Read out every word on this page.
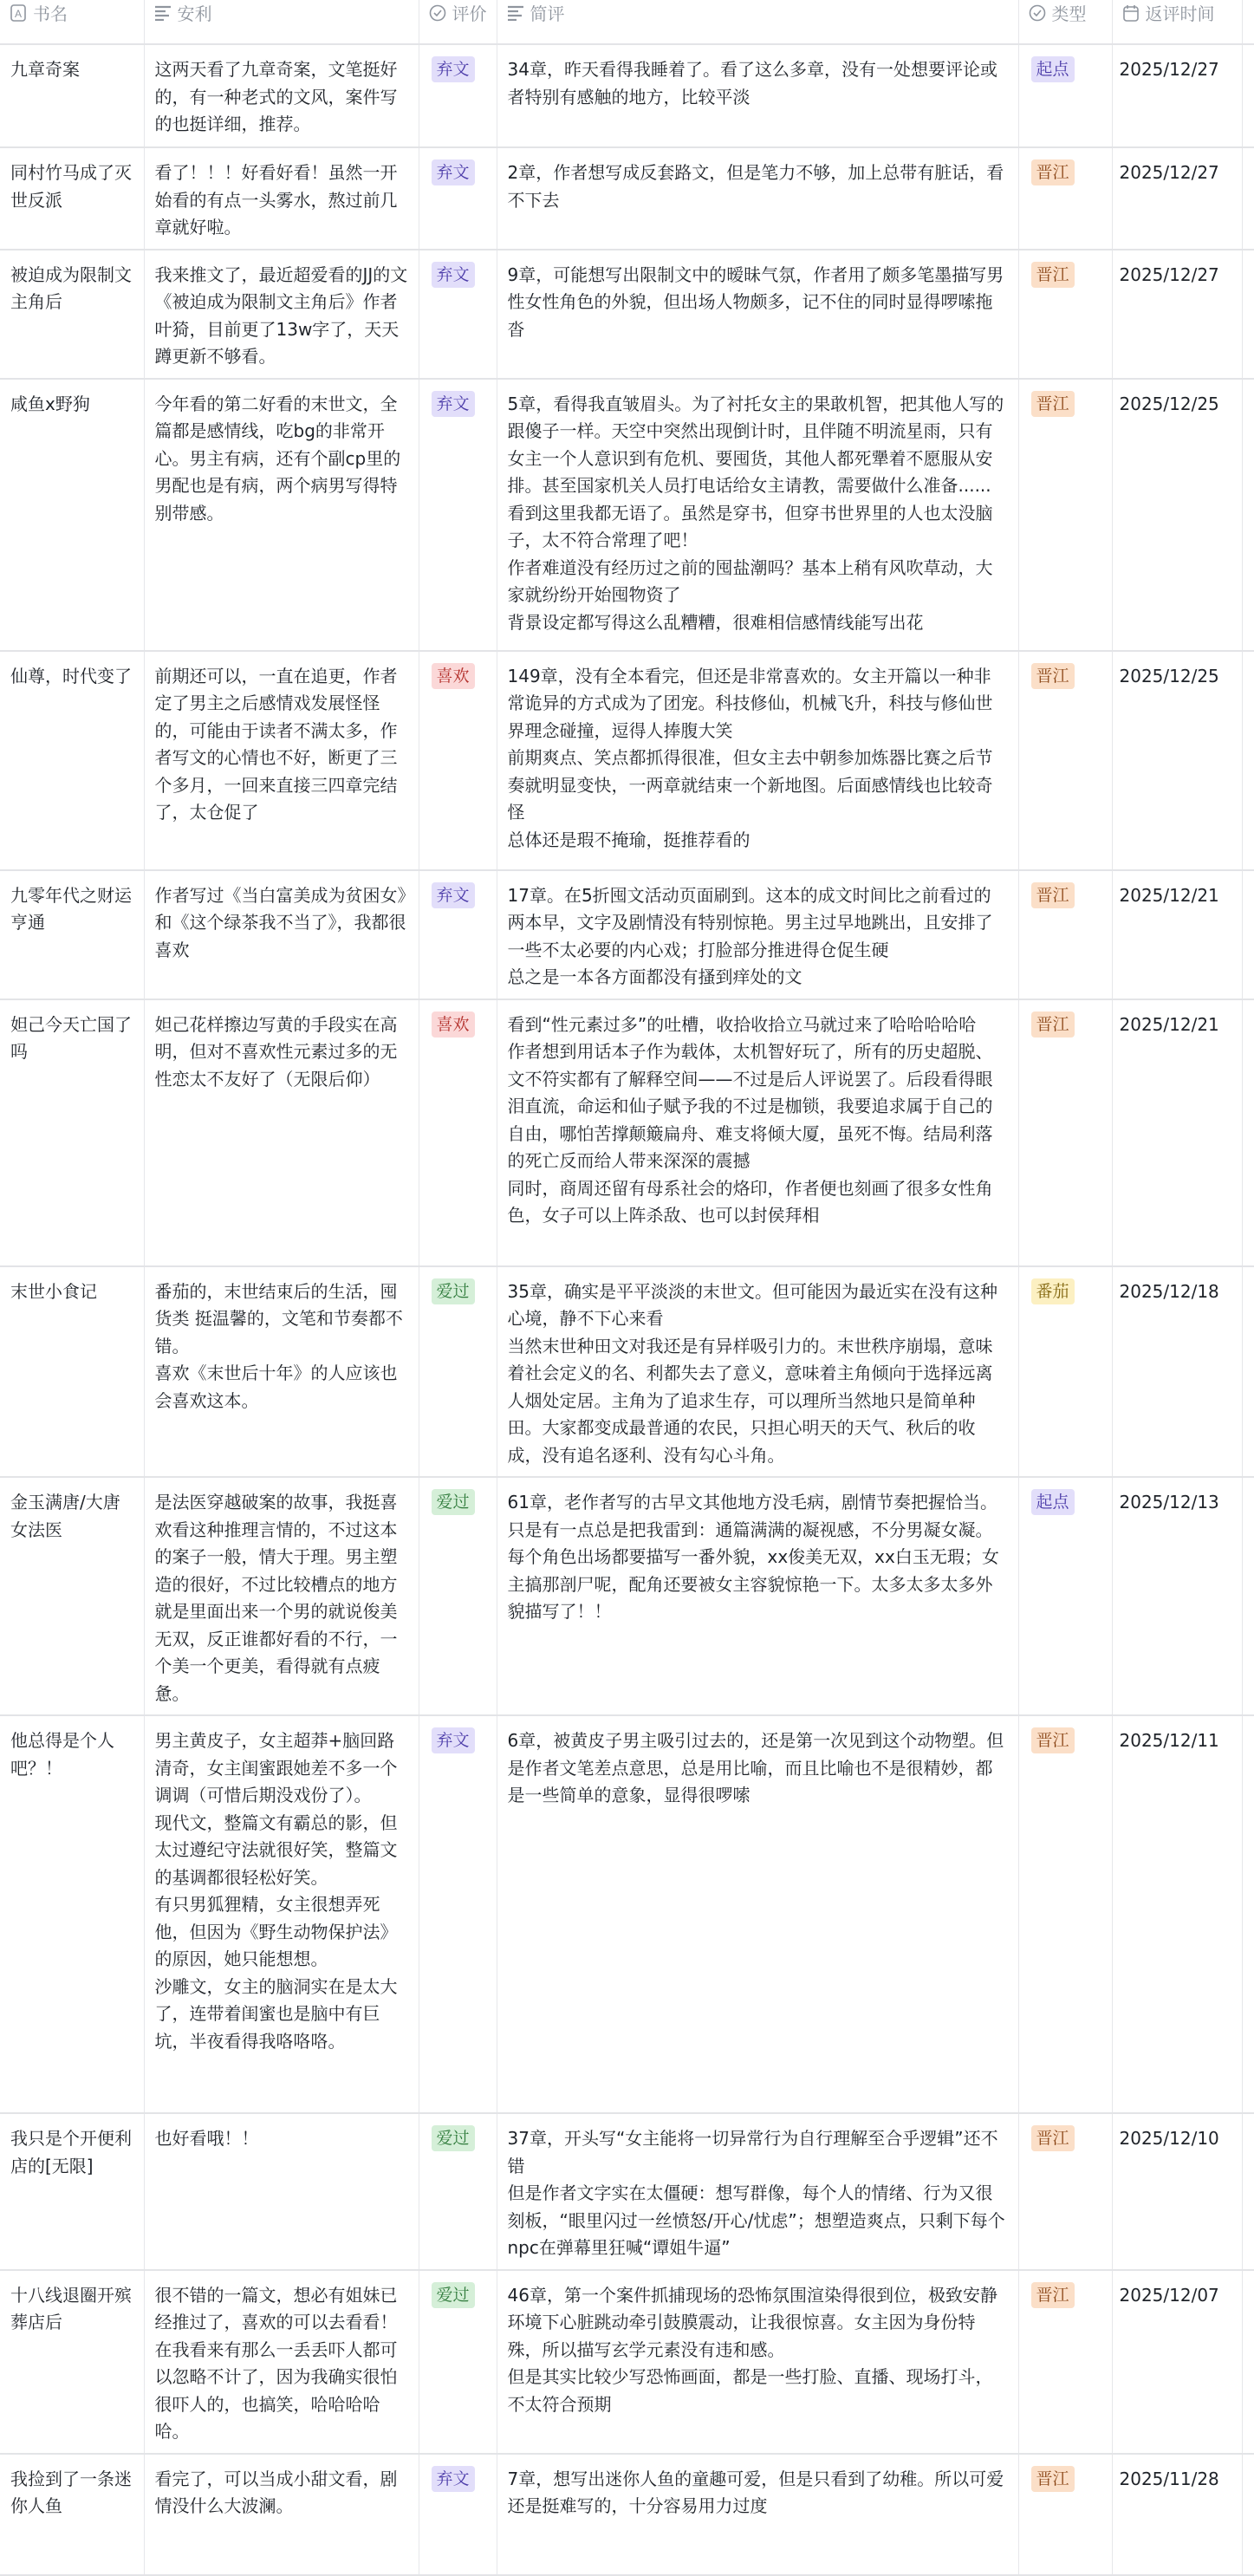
A 书名	安利	评价	简评	类型	返评时间	

九章奇案	这两天看了九章奇案，文笔挺好的，有一种老式的文风，案件写的也挺详细，推荐。	弃文	34章，昨天看得我睡着了。看了这么多章，没有一处想要评论或者特别有感触的地方，比较平淡	起点	2025/12/27	

同村竹马成了灭世反派	看了！！！好看好看！虽然一开始看的有点一头雾水，熬过前几章就好啦。	弃文	2章，作者想写成反套路文，但是笔力不够，加上总带有脏话，看不下去	晋江	2025/12/27	

被迫成为限制文主角后	我来推文了，最近超爱看的JJ的文《被迫成为限制文主角后》作者叶猗，目前更了13w字了，天天蹲更新不够看。	弃文	9章，可能想写出限制文中的暧昧气氛，作者用了颇多笔墨描写男性女性角色的外貌，但出场人物颇多，记不住的同时显得啰嗦拖沓	晋江	2025/12/27	

咸鱼x野狗	今年看的第二好看的末世文，全篇都是感情线，吃bg的非常开心。男主有病，还有个副cp里的男配也是有病，两个病男写得特别带感。	弃文	5章，看得我直皱眉头。为了衬托女主的果敢机智，把其他人写的跟傻子一样。天空中突然出现倒计时，且伴随不明流星雨，只有女主一个人意识到有危机、要囤货，其他人都死犟着不愿服从安排。甚至国家机关人员打电话给女主请教，需要做什么准备......看到这里我都无语了。虽然是穿书，但穿书世界里的人也太没脑子，太不符合常理了吧！
作者难道没有经历过之前的囤盐潮吗？基本上稍有风吹草动，大家就纷纷开始囤物资了
背景设定都写得这么乱糟糟，很难相信感情线能写出花	晋江	2025/12/25	

仙尊，时代变了	前期还可以，一直在追更，作者定了男主之后感情戏发展怪怪的，可能由于读者不满太多，作者写文的心情也不好，断更了三个多月，一回来直接三四章完结了，太仓促了	喜欢	149章，没有全本看完，但还是非常喜欢的。女主开篇以一种非常诡异的方式成为了团宠。科技修仙，机械飞升，科技与修仙世界理念碰撞，逗得人捧腹大笑
前期爽点、笑点都抓得很准，但女主去中朝参加炼器比赛之后节奏就明显变快，一两章就结束一个新地图。后面感情线也比较奇怪
总体还是瑕不掩瑜，挺推荐看的	晋江	2025/12/25	

九零年代之财运亨通	作者写过《当白富美成为贫困女》和《这个绿茶我不当了》，我都很喜欢	弃文	17章。在5折囤文活动页面刷到。这本的成文时间比之前看过的两本早，文字及剧情没有特别惊艳。男主过早地跳出，且安排了一些不太必要的内心戏；打脸部分推进得仓促生硬
总之是一本各方面都没有搔到痒处的文	晋江	2025/12/21	

妲己今天亡国了吗	妲己花样擦边写黄的手段实在高明，但对不喜欢性元素过多的无性恋太不友好了（无限后仰）	喜欢	看到“性元素过多”的吐槽，收拾收拾立马就过来了哈哈哈哈哈
作者想到用话本子作为载体，太机智好玩了，所有的历史超脱、文不符实都有了解释空间——不过是后人评说罢了。后段看得眼泪直流，命运和仙子赋予我的不过是枷锁，我要追求属于自己的自由，哪怕苦撑颠簸扁舟、难支将倾大厦，虽死不悔。结局利落的死亡反而给人带来深深的震撼
同时，商周还留有母系社会的烙印，作者便也刻画了很多女性角色，女子可以上阵杀敌、也可以封侯拜相	晋江	2025/12/21	

末世小食记	番茄的，末世结束后的生活，囤货类 挺温馨的，文笔和节奏都不错。
喜欢《末世后十年》的人应该也会喜欢这本。	爱过	35章，确实是平平淡淡的末世文。但可能因为最近实在没有这种心境，静不下心来看
当然末世种田文对我还是有异样吸引力的。末世秩序崩塌，意味着社会定义的名、利都失去了意义，意味着主角倾向于选择远离人烟处定居。主角为了追求生存，可以理所当然地只是简单种田。大家都变成最普通的农民，只担心明天的天气、秋后的收成，没有追名逐利、没有勾心斗角。	番茄	2025/12/18	

金玉满唐/大唐女法医	是法医穿越破案的故事，我挺喜欢看这种推理言情的，不过这本的案子一般，情大于理。男主塑造的很好，不过比较槽点的地方就是里面出来一个男的就说俊美无双，反正谁都好看的不行，一个美一个更美，看得就有点疲惫。	爱过	61章，老作者写的古早文其他地方没毛病，剧情节奏把握恰当。只是有一点总是把我雷到：通篇满满的凝视感，不分男凝女凝。每个角色出场都要描写一番外貌，xx俊美无双，xx白玉无瑕；女主搞那剖尸呢，配角还要被女主容貌惊艳一下。太多太多太多外貌描写了！！	起点	2025/12/13	

他总得是个人吧？！	男主黄皮子，女主超莽+脑回路清奇，女主闺蜜跟她差不多一个调调（可惜后期没戏份了）。
现代文，整篇文有霸总的影，但太过遵纪守法就很好笑，整篇文的基调都很轻松好笑。
有只男狐狸精，女主很想弄死他，但因为《野生动物保护法》的原因，她只能想想。
沙雕文，女主的脑洞实在是太大了，连带着闺蜜也是脑中有巨坑，半夜看得我咯咯咯。	弃文	6章，被黄皮子男主吸引过去的，还是第一次见到这个动物塑。但是作者文笔差点意思，总是用比喻，而且比喻也不是很精妙，都是一些简单的意象，显得很啰嗦	晋江	2025/12/11	

我只是个开便利店的[无限]	也好看哦！！	爱过	37章，开头写“女主能将一切异常行为自行理解至合乎逻辑”还不错
但是作者文字实在太僵硬：想写群像，每个人的情绪、行为又很刻板，“眼里闪过一丝愤怒/开心/忧虑”；想塑造爽点，只剩下每个npc在弹幕里狂喊“谭姐牛逼”	晋江	2025/12/10	

十八线退圈开殡葬店后	很不错的一篇文，想必有姐妹已经推过了，喜欢的可以去看看！在我看来有那么一丢丢吓人都可以忽略不计了，因为我确实很怕很吓人的，也搞笑，哈哈哈哈哈。	爱过	46章，第一个案件抓捕现场的恐怖氛围渲染得很到位，极致安静环境下心脏跳动牵引鼓膜震动，让我很惊喜。女主因为身份特殊，所以描写玄学元素没有违和感。
但是其实比较少写恐怖画面，都是一些打脸、直播、现场打斗，不太符合预期	晋江	2025/12/07	

我捡到了一条迷你人鱼	看完了，可以当成小甜文看，剧情没什么大波澜。	弃文	7章，想写出迷你人鱼的童趣可爱，但是只看到了幼稚。所以可爱还是挺难写的，十分容易用力过度	晋江	2025/11/28	
